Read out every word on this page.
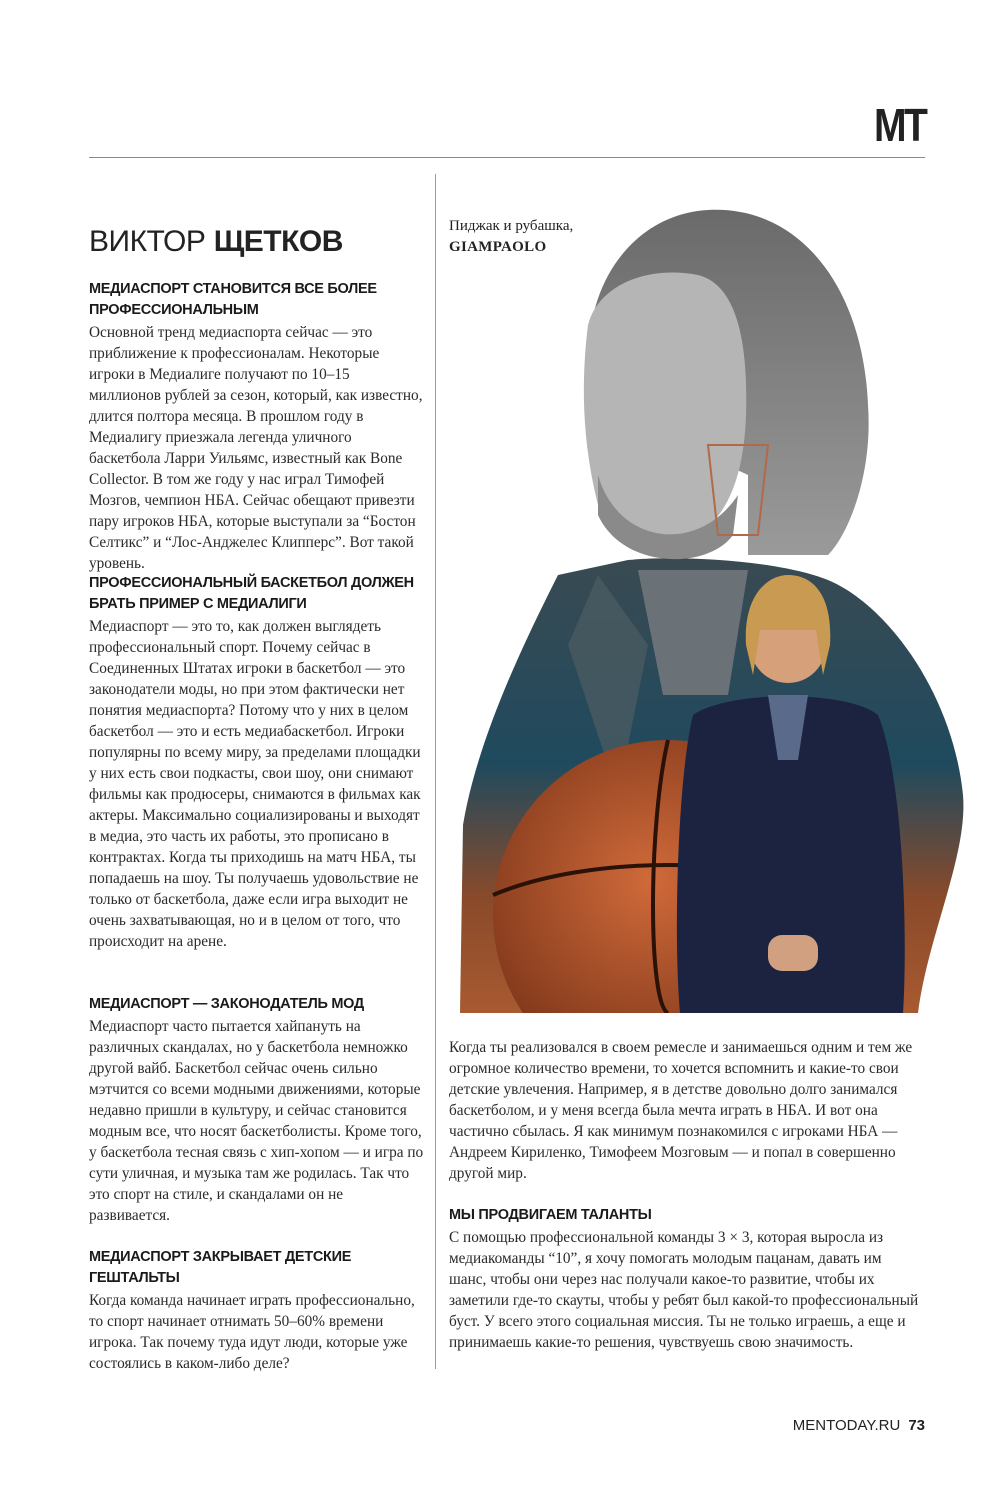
MT
ВИКТОР ЩЕТКОВ
МЕДИАСПОРТ СТАНОВИТСЯ ВСЕ БОЛЕЕ ПРОФЕССИОНАЛЬНЫМ

Основной тренд медиаспорта сейчас — это приближение к профессионалам. Некоторые игроки в Медиалиге получают по 10–15 миллионов рублей за сезон, который, как известно, длится полтора месяца. В прошлом году в Медиалигу приезжала легенда уличного баскетбола Ларри Уильямс, известный как Bone Collector. В том же году у нас играл Тимофей Мозгов, чемпион НБА. Сейчас обещают привезти пару игроков НБА, которые выступали за “Бостон Селтикс” и “Лос-Анджелес Клипперс”. Вот такой уровень.

ПРОФЕССИОНАЛЬНЫЙ БАСКЕТБОЛ ДОЛЖЕН БРАТЬ ПРИМЕР С МЕДИАЛИГИ

Медиаспорт — это то, как должен выглядеть профессиональный спорт. Почему сейчас в Соединенных Штатах игроки в баскетбол — это законодатели моды, но при этом фактически нет понятия медиаспорта? Потому что у них в целом баскетбол — это и есть медиабаскетбол. Игроки популярны по всему миру, за пределами площадки у них есть свои подкасты, свои шоу, они снимают фильмы как продюсеры, снимаются в фильмах как актеры. Максимально социализированы и выходят в медиа, это часть их работы, это прописано в контрактах. Когда ты приходишь на матч НБА, ты попадаешь на шоу. Ты получаешь удовольствие не только от баскетбола, даже если игра выходит не очень захватывающая, но и в целом от того, что происходит на арене.

МЕДИАСПОРТ — ЗАКОНОДАТЕЛЬ МОД

Медиаспорт часто пытается хайпануть на различных скандалах, но у баскетбола немножко другой вайб. Баскетбол сейчас очень сильно мэтчится со всеми модными движениями, которые недавно пришли в культуру, и сейчас становится модным все, что носят баскетболисты. Кроме того, у баскетбола тесная связь с хип-хопом — и игра по сути уличная, и музыка там же родилась. Так что это спорт на стиле, и скандалами он не развивается.

МЕДИАСПОРТ ЗАКРЫВАЕТ ДЕТСКИЕ ГЕШТАЛЬТЫ

Когда команда начинает играть профессионально, то спорт начинает отнимать 50–60% времени игрока. Так почему туда идут люди, которые уже состоялись в каком-либо деле?

Пиджак и рубашка,
GIAMPAOLO

Когда ты реализовался в своем ремесле и занимаешься одним и тем же огромное количество времени, то хочется вспомнить и какие-то свои детские увлечения. Например, я в детстве довольно долго занимался баскетболом, и у меня всегда была мечта играть в НБА. И вот она частично сбылась. Я как минимум познакомился с игроками НБА — Андреем Кириленко, Тимофеем Мозговым — и попал в совершенно другой мир.

МЫ ПРОДВИГАЕМ ТАЛАНТЫ

С помощью профессиональной команды 3 × 3, которая выросла из медиакоманды “10”, я хочу помогать молодым пацанам, давать им шанс, чтобы они через нас получали какое-то развитие, чтобы их заметили где-то скауты, чтобы у ребят был какой-то профессиональный буст. У всего этого социальная миссия. Ты не только играешь, а еще и принимаешь какие-то решения, чувствуешь свою значимость.

MENTODAY.RU 73
